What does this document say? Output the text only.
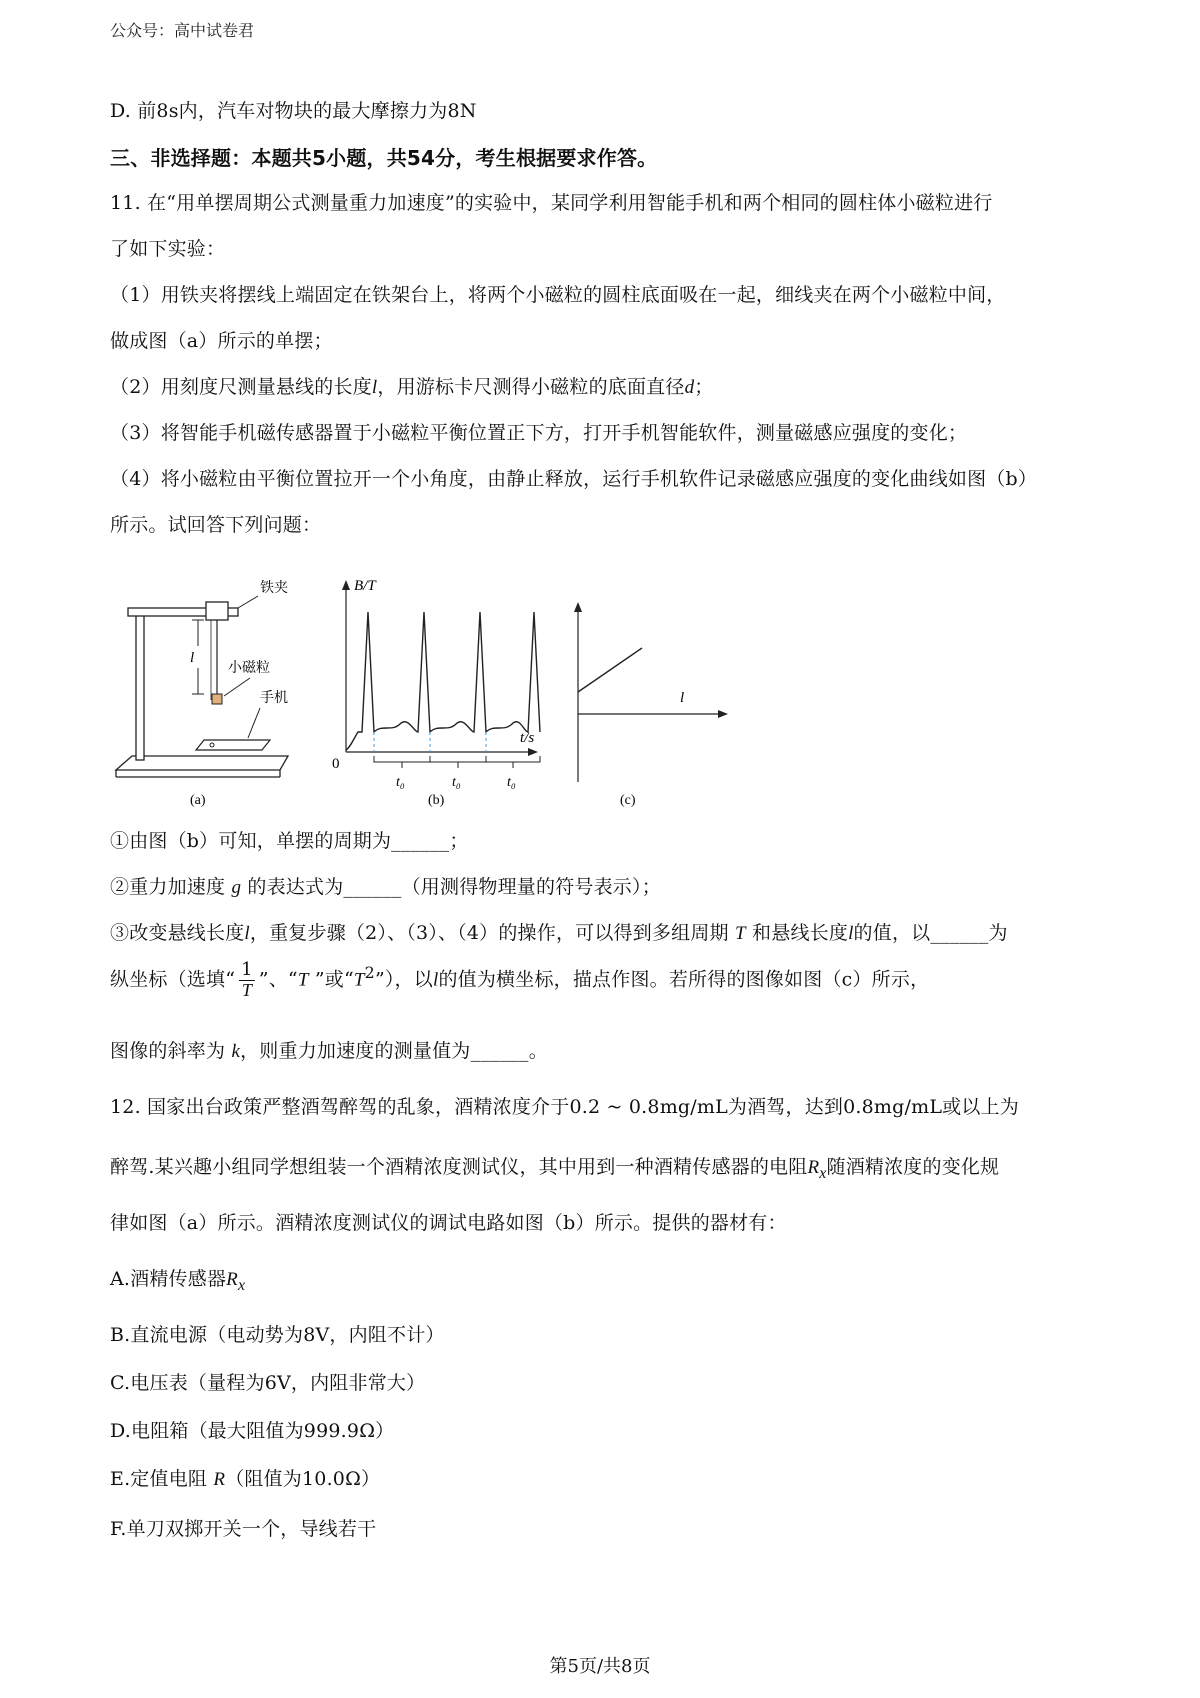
公众号：高中试卷君
D. 前8s内，汽车对物块的最大摩擦力为8N
三、非选择题：本题共5小题，共54分，考生根据要求作答。
11. 在“用单摆周期公式测量重力加速度”的实验中，某同学利用智能手机和两个相同的圆柱体小磁粒进行
了如下实验：
（1）用铁夹将摆线上端固定在铁架台上，将两个小磁粒的圆柱底面吸在一起，细线夹在两个小磁粒中间，
做成图（a）所示的单摆；
（2）用刻度尺测量悬线的长度l，用游标卡尺测得小磁粒的底面直径d；
（3）将智能手机磁传感器置于小磁粒平衡位置正下方，打开手机智能软件，测量磁感应强度的变化；
（4）将小磁粒由平衡位置拉开一个小角度，由静止释放，运行手机软件记录磁感应强度的变化曲线如图（b）
所示。试回答下列问题：
l
铁夹
小磁粒
手机
(a)
B/T
t/s
0
t₀	t₀	t₀
(b)
l
(c)
①由图（b）可知，单摆的周期为______；
②重力加速度 g 的表达式为______（用测得物理量的符号表示）；
③改变悬线长度l，重复步骤（2）、（3）、（4）的操作，可以得到多组周期 T 和悬线长度l的值，以______为
纵坐标（选填“ $\frac{1}{T}$ ”、“T ”或“$T^2$”），以l的值为横坐标，描点作图。若所得的图像如图（c）所示，
图像的斜率为 k，则重力加速度的测量值为______。
12. 国家出台政策严整酒驾醉驾的乱象，酒精浓度介于0.2 ~ 0.8mg/mL为酒驾，达到0.8mg/mL或以上为
醉驾.某兴趣小组同学想组装一个酒精浓度测试仪，其中用到一种酒精传感器的电阻$R_x$随酒精浓度的变化规
律如图（a）所示。酒精浓度测试仪的调试电路如图（b）所示。提供的器材有：
A.酒精传感器$R_x$
B.直流电源（电动势为8V，内阻不计）
C.电压表（量程为6V，内阻非常大）
D.电阻箱（最大阻值为999.9Ω）
E.定值电阻 R（阻值为10.0Ω）
F.单刀双掷开关一个，导线若干
第5页/共8页
